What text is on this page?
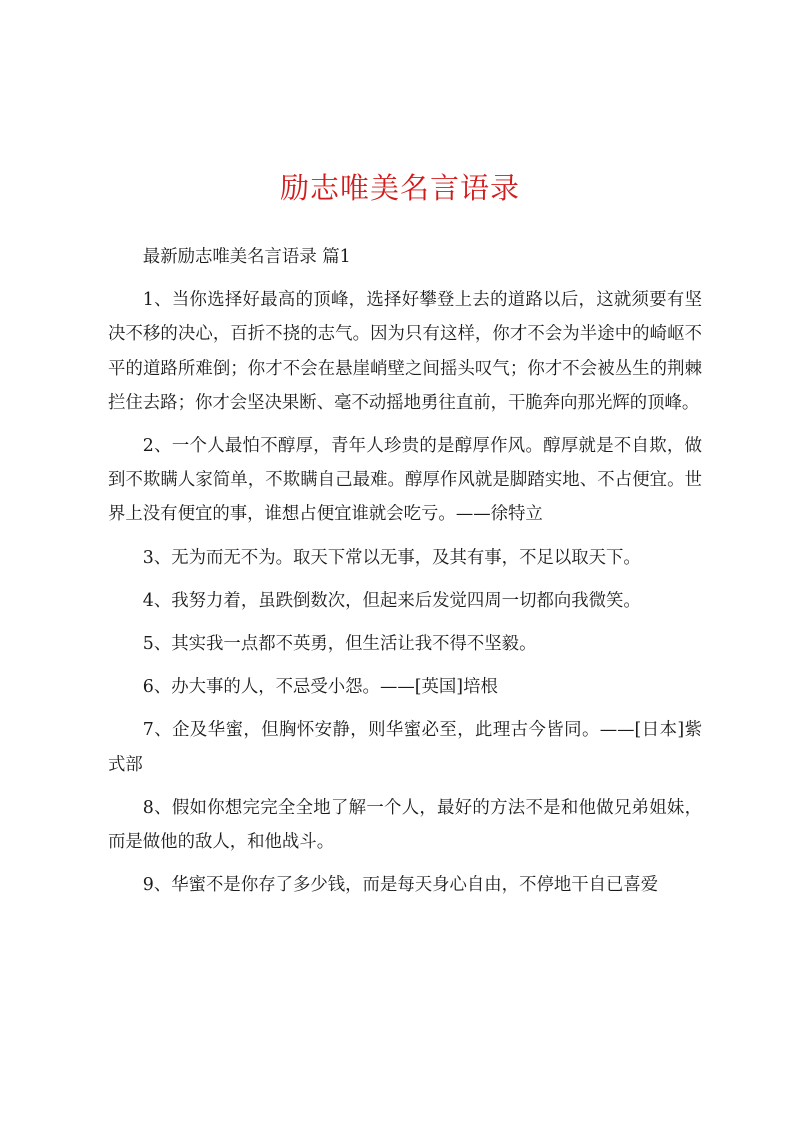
励志唯美名言语录

最新励志唯美名言语录 篇1

1、当你选择好最高的顶峰，选择好攀登上去的道路以后，这就须要有坚决不移的决心，百折不挠的志气。因为只有这样，你才不会为半途中的崎岖不平的道路所难倒；你才不会在悬崖峭壁之间摇头叹气；你才不会被丛生的荆棘拦住去路；你才会坚决果断、毫不动摇地勇往直前，干脆奔向那光辉的顶峰。

2、一个人最怕不醇厚，青年人珍贵的是醇厚作风。醇厚就是不自欺，做到不欺瞒人家简单，不欺瞒自己最难。醇厚作风就是脚踏实地、不占便宜。世界上没有便宜的事，谁想占便宜谁就会吃亏。——徐特立

3、无为而无不为。取天下常以无事，及其有事，不足以取天下。

4、我努力着，虽跌倒数次，但起来后发觉四周一切都向我微笑。

5、其实我一点都不英勇，但生活让我不得不坚毅。

6、办大事的人，不忌受小怨。——[英国]培根

7、企及华蜜，但胸怀安静，则华蜜必至，此理古今皆同。——[日本]紫式部

8、假如你想完完全全地了解一个人，最好的方法不是和他做兄弟姐妹，而是做他的敌人，和他战斗。

9、华蜜不是你存了多少钱，而是每天身心自由，不停地干自已喜爱
